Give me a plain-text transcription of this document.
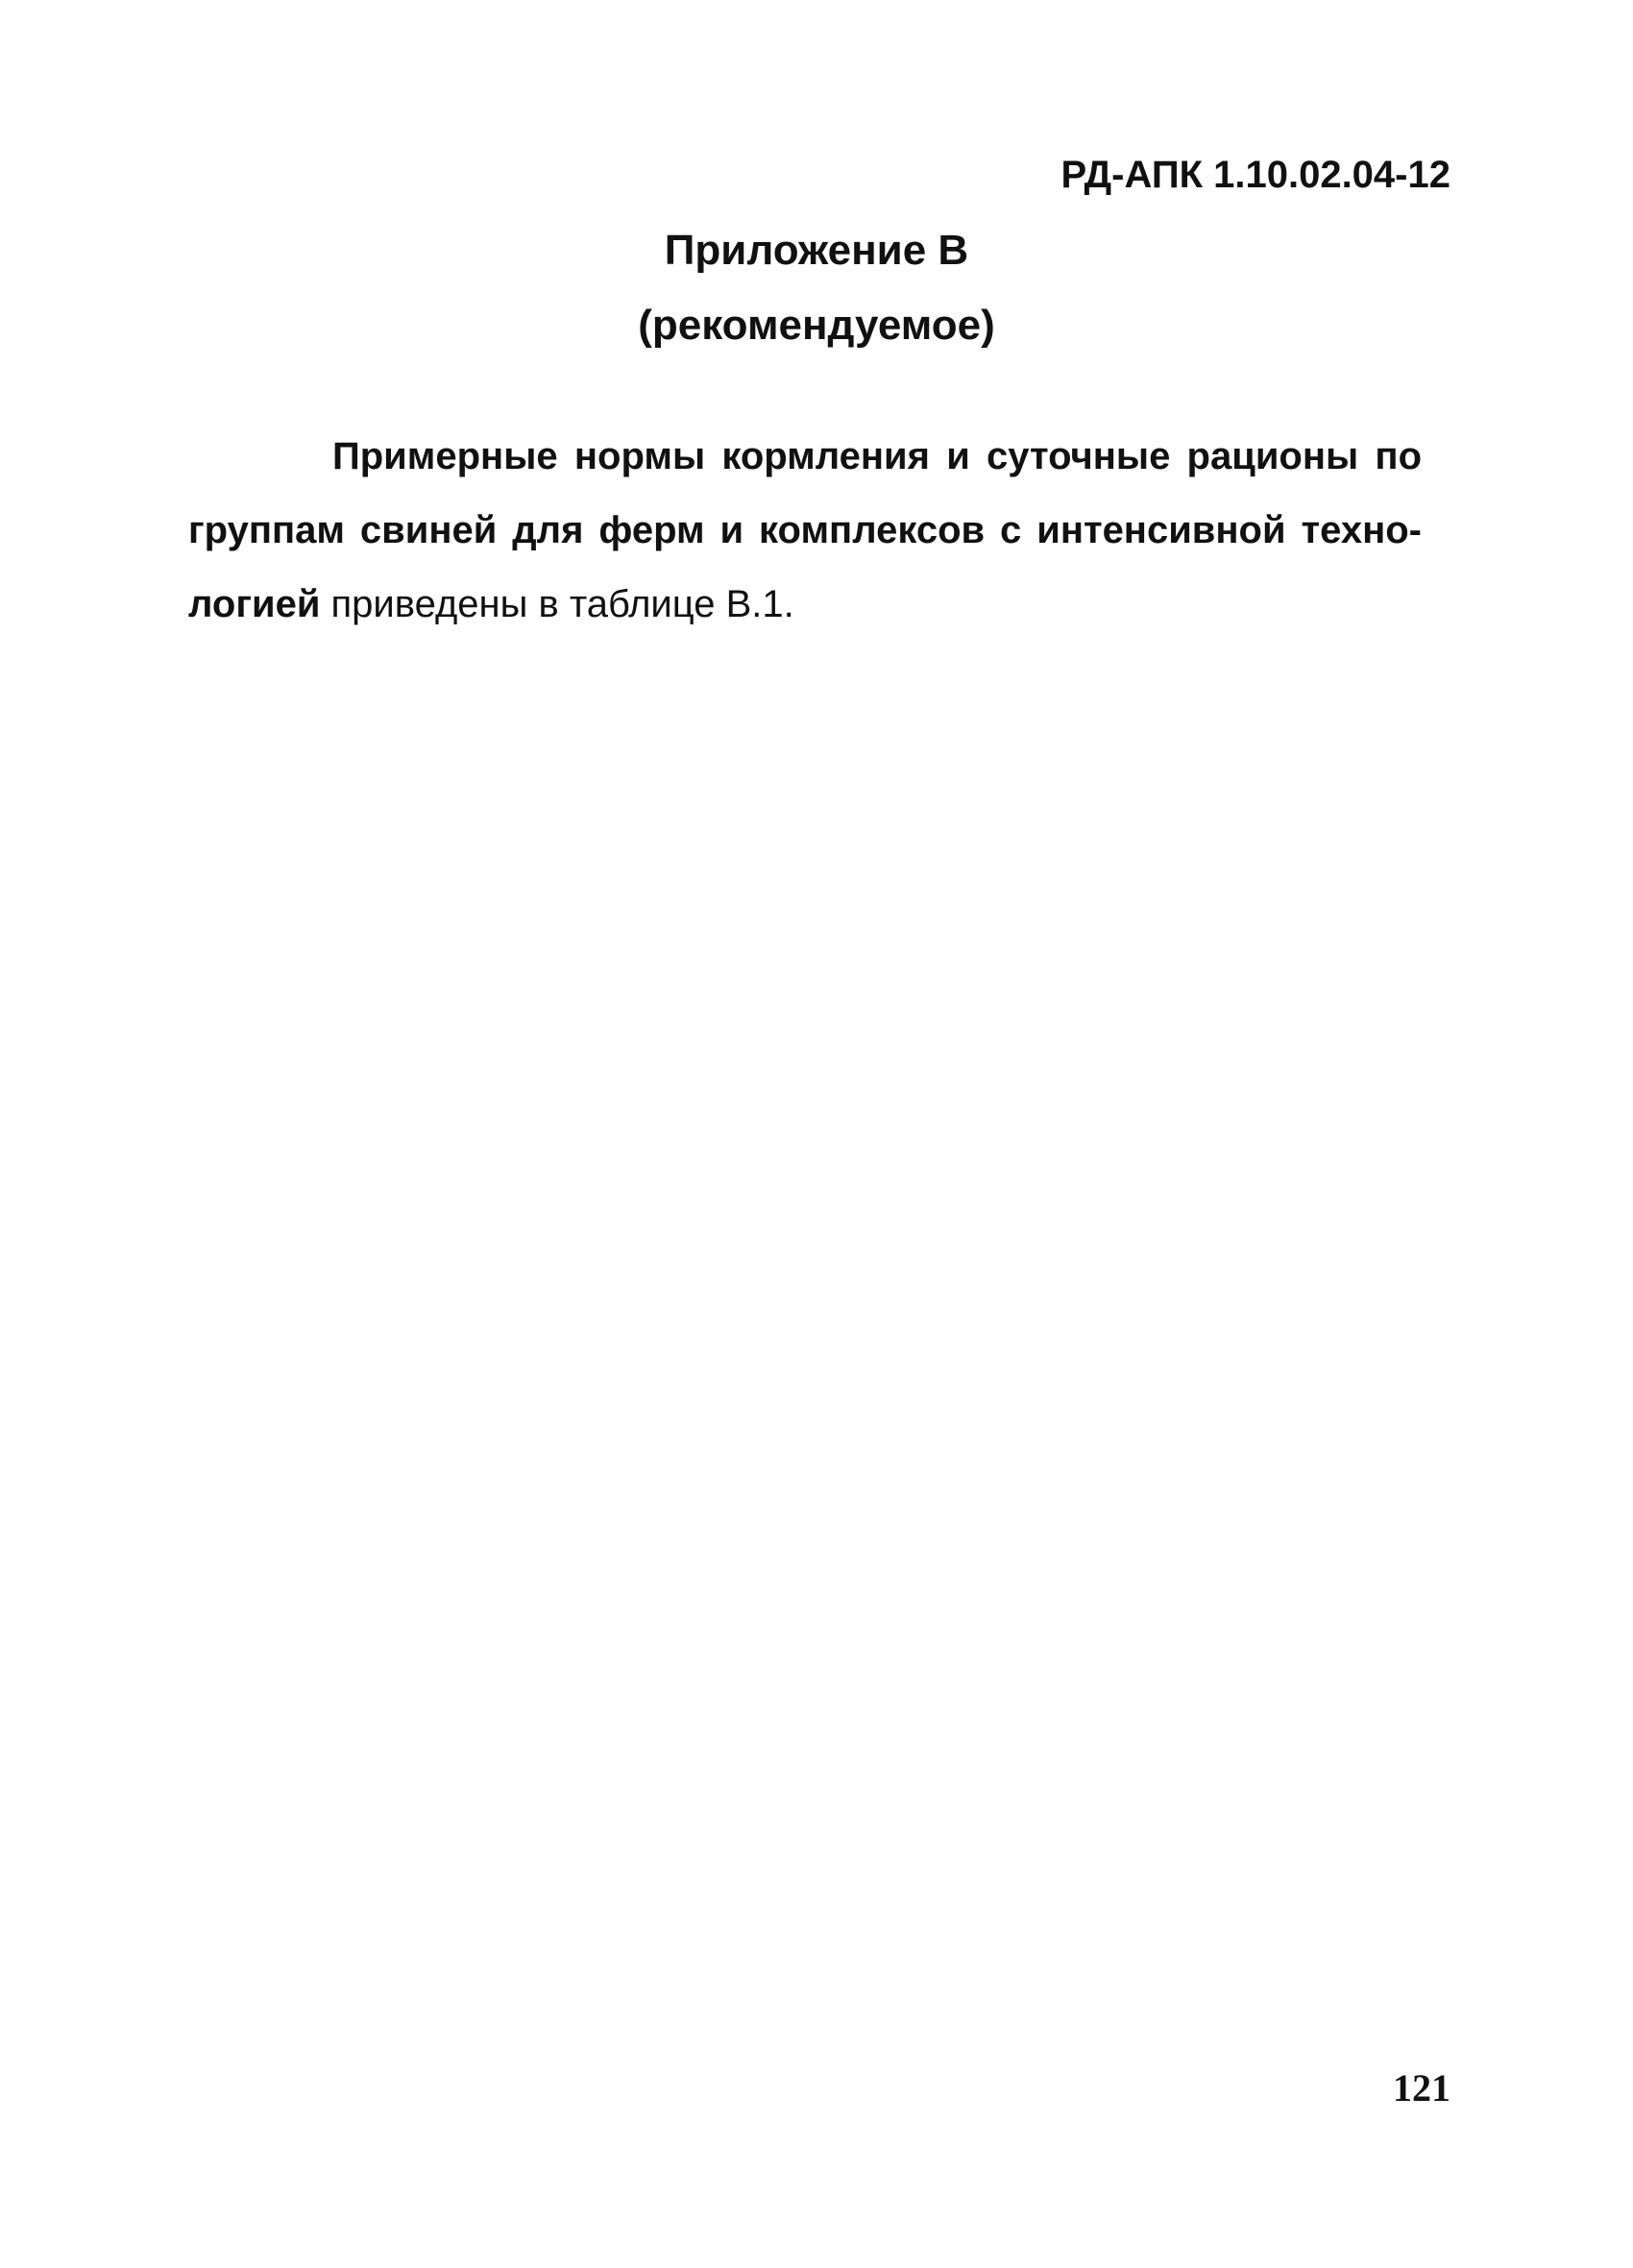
РД-АПК 1.10.02.04-12
Приложение В
(рекомендуемое)

Примерные нормы кормления и суточные рационы по
группам свиней для ферм и комплексов с интенсивной техно-
логией приведены в таблице В.1.

121
